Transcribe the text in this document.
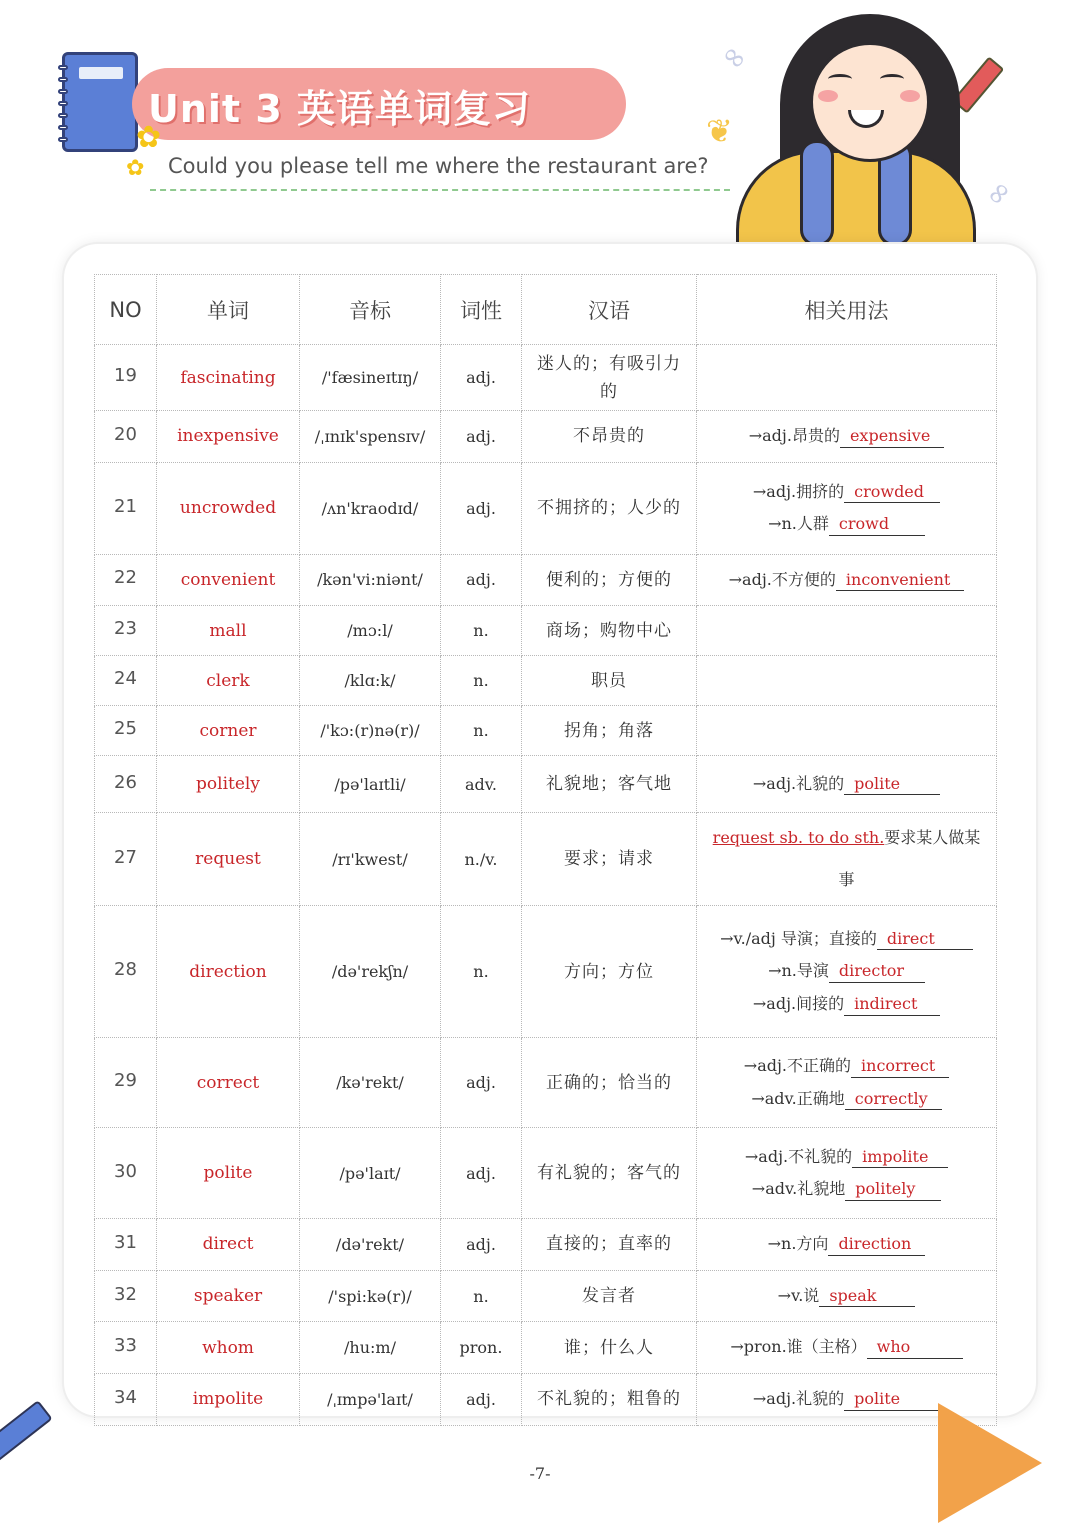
Unit 3 英语单词复习
✿
✿ Could you please tell me where the restaurant are?
❦
∞
∞
NO	单词	音标	词性	汉语	相关用法
19	fascinating	/'fæsineɪtɪŋ/	adj.	迷人的；有吸引力的	
20	inexpensive	/ˌɪnɪk'spensɪv/	adj.	不昂贵的	→adj.昂贵的 expensive

21	uncrowded	/ʌn'kraodɪd/	adj.	不拥挤的；人少的	→adj.拥挤的 crowded
→n.人群 crowd

22	convenient	/kən'vi:niənt/	adj.	便利的；方便的	→adj.不方便的 inconvenient

23	mall	/mɔ:l/	n.	商场；购物中心	
24	clerk	/klɑ:k/	n.	职员	
25	corner	/'kɔ:(r)nə(r)/	n.	拐角；角落	
26	politely	/pə'laɪtli/	adv.	礼貌地；客气地	→adj.礼貌的 polite

27	request	/rɪ'kwest/	n./v.	要求；请求	request sb. to do sth.要求某人做某事

28	direction	/də'rekʃn/	n.	方向；方位	→v./adj 导演；直接的 direct
→n.导演 director
→adj.间接的 indirect

29	correct	/kə'rekt/	adj.	正确的；恰当的	→adj.不正确的 incorrect
→adv.正确地 correctly

30	polite	/pə'laɪt/	adj.	有礼貌的；客气的	→adj.不礼貌的 impolite
→adv.礼貌地 politely

31	direct	/də'rekt/	adj.	直接的；直率的	→n.方向 direction

32	speaker	/'spi:kə(r)/	n.	发言者	→v.说 speak

33	whom	/hu:m/	pron.	谁；什么人	→pron.谁（主格） who

34	impolite	/ˌɪmpə'laɪt/	adj.	不礼貌的；粗鲁的	→adj.礼貌的 polite
-7-
